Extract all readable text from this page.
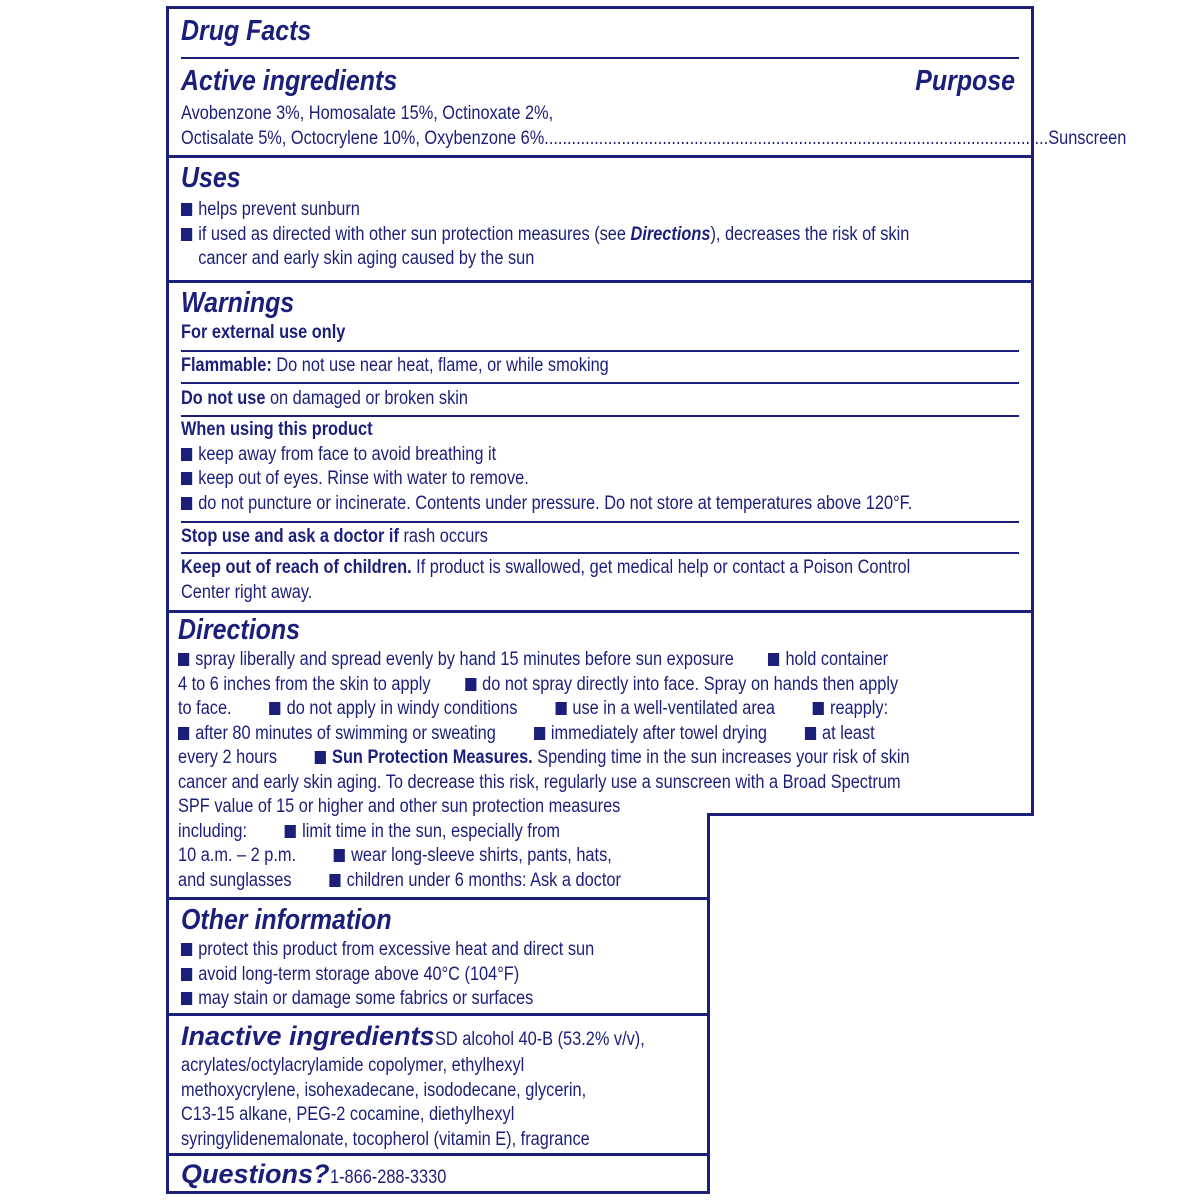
Drug Facts
Active ingredients	Purpose
Avobenzone 3%, Homosalate 15%, Octinoxate 2%,
Octisalate 5%, Octocrylene 10%, Oxybenzone 6% ............................................................................................................... Sunscreen
Uses
helps prevent sunburn
if used as directed with other sun protection measures (see Directions), decreases the risk of skin
cancer and early skin aging caused by the sun
Warnings
For external use only
Flammable: Do not use near heat, flame, or while smoking
Do not use on damaged or broken skin
When using this product
keep away from face to avoid breathing it
keep out of eyes. Rinse with water to remove.
do not puncture or incinerate. Contents under pressure. Do not store at temperatures above 120°F.
Stop use and ask a doctor if rash occurs
Keep out of reach of children. If product is swallowed, get medical help or contact a Poison Control
Center right away.
Directions
spray liberally and spread evenly by hand 15 minutes before sun exposure	hold container
4 to 6 inches from the skin to apply	do not spray directly into face. Spray on hands then apply
to face.	do not apply in windy conditions	use in a well-ventilated area	reapply:
after 80 minutes of swimming or sweating	immediately after towel drying	at least
every 2 hours	Sun Protection Measures. Spending time in the sun increases your risk of skin
cancer and early skin aging. To decrease this risk, regularly use a sunscreen with a Broad Spectrum
SPF value of 15 or higher and other sun protection measures
including:	limit time in the sun, especially from
10 a.m. – 2 p.m.	wear long-sleeve shirts, pants, hats,
and sunglasses	children under 6 months: Ask a doctor
Other information
protect this product from excessive heat and direct sun
avoid long-term storage above 40°C (104°F)
may stain or damage some fabrics or surfaces
Inactive ingredients SD alcohol 40-B (53.2% v/v),
acrylates/octylacrylamide copolymer, ethylhexyl
methoxycrylene, isohexadecane, isododecane, glycerin,
C13-15 alkane, PEG-2 cocamine, diethylhexyl
syringylidenemalonate, tocopherol (vitamin E), fragrance
Questions? 1-866-288-3330
